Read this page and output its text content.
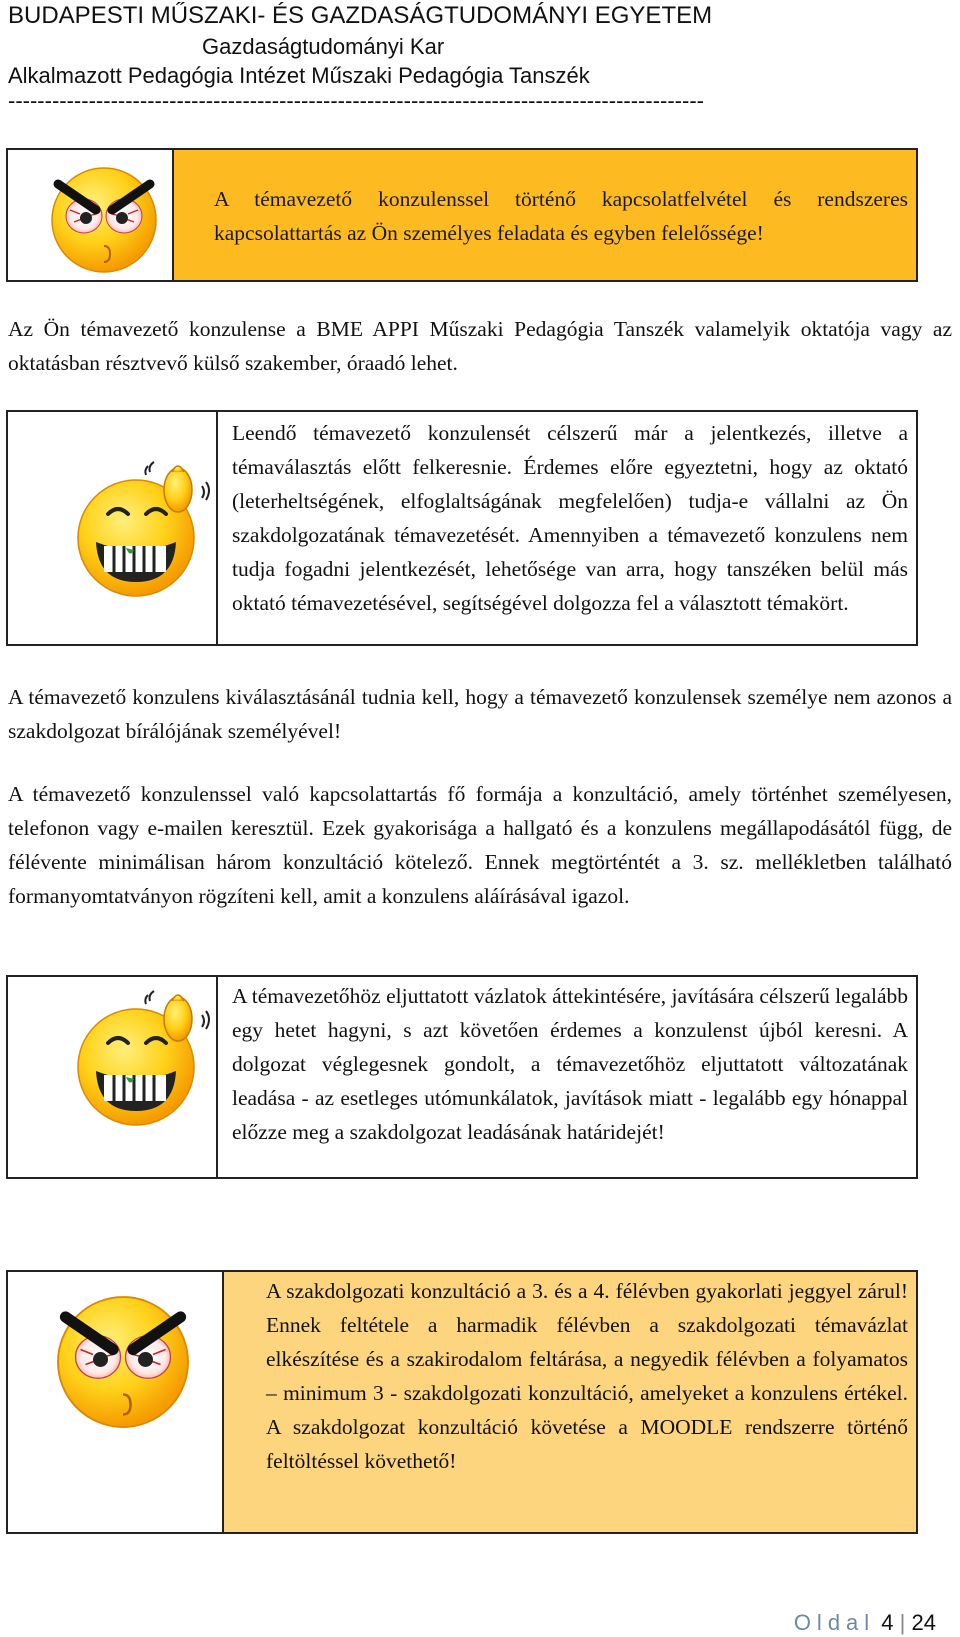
BUDAPESTI MŰSZAKI- ÉS GAZDASÁGTUDOMÁNYI EGYETEM
Gazdaságtudományi Kar
Alkalmazott Pedagógia Intézet Műszaki Pedagógia Tanszék
-----------------------------------------------------------------------------------------------
A témavezető konzulenssel történő kapcsolatfelvétel és rendszeres kapcsolattartás az Ön személyes feladata és egyben felelőssége!
Az Ön témavezető konzulense a BME APPI Műszaki Pedagógia Tanszék valamelyik oktatója vagy az oktatásban résztvevő külső szakember, óraadó lehet.
Leendő témavezető konzulensét célszerű már a jelentkezés, illetve a témaválasztás előtt felkeresnie. Érdemes előre egyeztetni, hogy az oktató (leterheltségének, elfoglaltságának megfelelően) tudja-e vállalni az Ön szakdolgozatának témavezetését. Amennyiben a témavezető konzulens nem tudja fogadni jelentkezését, lehetősége van arra, hogy tanszéken belül más oktató témavezetésével, segítségével dolgozza fel a választott témakört.
A témavezető konzulens kiválasztásánál tudnia kell, hogy a témavezető konzulensek személye nem azonos a szakdolgozat bírálójának személyével!
A témavezető konzulenssel való kapcsolattartás fő formája a konzultáció, amely történhet személyesen, telefonon vagy e-mailen keresztül. Ezek gyakorisága a hallgató és a konzulens megállapodásától függ, de félévente minimálisan három konzultáció kötelező. Ennek megtörténtét a 3. sz. mellékletben található formanyomtatványon rögzíteni kell, amit a konzulens aláírásával igazol.
A témavezetőhöz eljuttatott vázlatok áttekintésére, javítására célszerű legalább egy hetet hagyni, s azt követően érdemes a konzulenst újból keresni. A dolgozat véglegesnek gondolt, a témavezetőhöz eljuttatott változatának leadása - az esetleges utómunkálatok, javítások miatt - legalább egy hónappal előzze meg a szakdolgozat leadásának határidejét!
A szakdolgozati konzultáció a 3. és a 4. félévben gyakorlati jeggyel zárul! Ennek feltétele a harmadik félévben a szakdolgozati témavázlat elkészítése és a szakirodalom feltárása, a negyedik félévben a folyamatos – minimum 3 - szakdolgozati konzultáció, amelyeket a konzulens értékel. A szakdolgozat konzultáció követése a MOODLE rendszerre történő feltöltéssel követhető!
Oldal 4 | 24
